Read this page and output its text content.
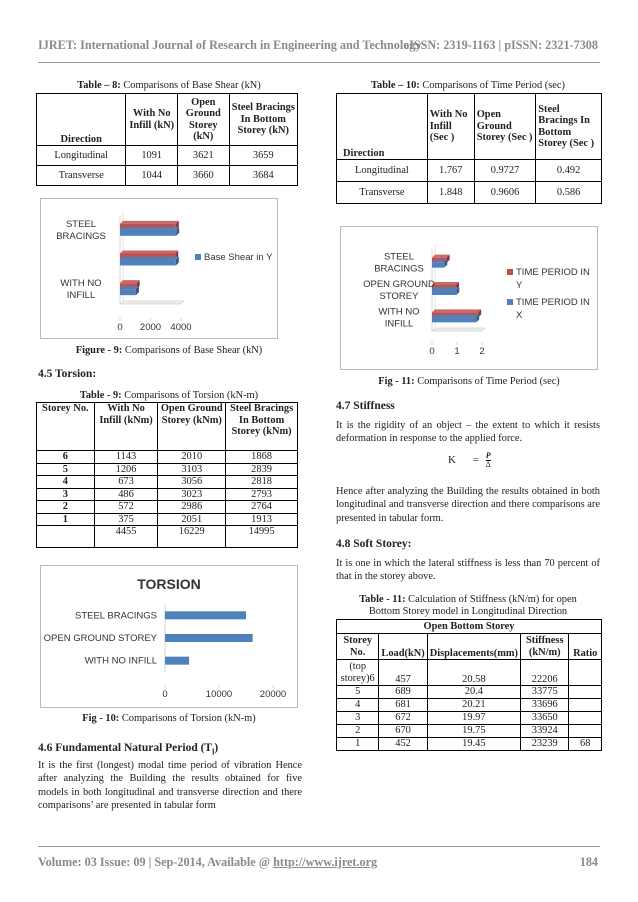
IJRET: International Journal of Research in Engineering and Technology
eISSN: 2319-1163 | pISSN: 2321-7308
Table – 8: Comparisons of Base Shear (kN)
Direction	With No Infill (kN)	Open Ground Storey (kN)	Steel Bracings In Bottom Storey (kN)
Longitudinal	1091	3621	3659
Transverse	1044	3660	3684
WITH NO
INFILL
STEEL
BRACINGS
0 2000 4000
Base Shear in Y
Figure - 9: Comparisons of Base Shear (kN)
4.5 Torsion:
Table - 9: Comparisons of Torsion (kN-m)
Storey No.	With No Infill (kNm)	Open Ground Storey (kNm)	Steel Bracings In Bottom Storey (kNm)
6	1143	2010	1868
5	1206	3103	2839
4	673	3056	2818
3	486	3023	2793
2	572	2986	2764
1	375	2051	1913
	4455	16229	14995
TORSION
WITH NO INFILL
OPEN GROUND STOREY
STEEL BRACINGS
0	10000	20000
Fig - 10: Comparisons of Torsion (kN-m)
4.6 Fundamental Natural Period $(T_l)$
It is the first (longest) modal time period of vibration Hence after analyzing the Building the results obtained for five models in both longitudinal and transverse direction and there comparisons’ are presented in tabular form
Table – 10: Comparisons of Time Period (sec)
Direction	With No Infill (Sec )	Open Ground Storey (Sec )	Steel Bracings In Bottom Storey (Sec )
Longitudinal	1.767	0.9727	0.492
Transverse	1.848	0.9606	0.586
WITH NO
INFILL
OPEN GROUND
STOREY
STEEL
BRACINGS
0 1 2
TIME PERIOD IN
Y
TIME PERIOD IN
X
Fig - 11: Comparisons of Time Period (sec)
4.7 Stiffness
It is the rigidity of an object – the extent to which it resists deformation in response to the applied force.
$K = \frac{P}{\Delta}$
Hence after analyzing the Building the results obtained in both longitudinal and transverse direction and there comparisons are presented in tabular form.
4.8 Soft Storey:
It is one in which the lateral stiffness is less than 70 percent of that in the storey above.
Table - 11: Calculation of Stiffness (kN/m) for open Bottom Storey model in Longitudinal Direction
Open Bottom Storey				
Storey No.	Load(kN)	Displacements(mm)	Stiffness (kN/m)	Ratio
(top
storey)6	457	20.58	22206	
5	689	20.4	33775	
4	681	20.21	33696	
3	672	19.97	33650	
2	670	19.75	33924	
1	452	19.45	23239	68
Volume: 03 Issue: 09 | Sep-2014, Available @ http://www.ijret.org	184
